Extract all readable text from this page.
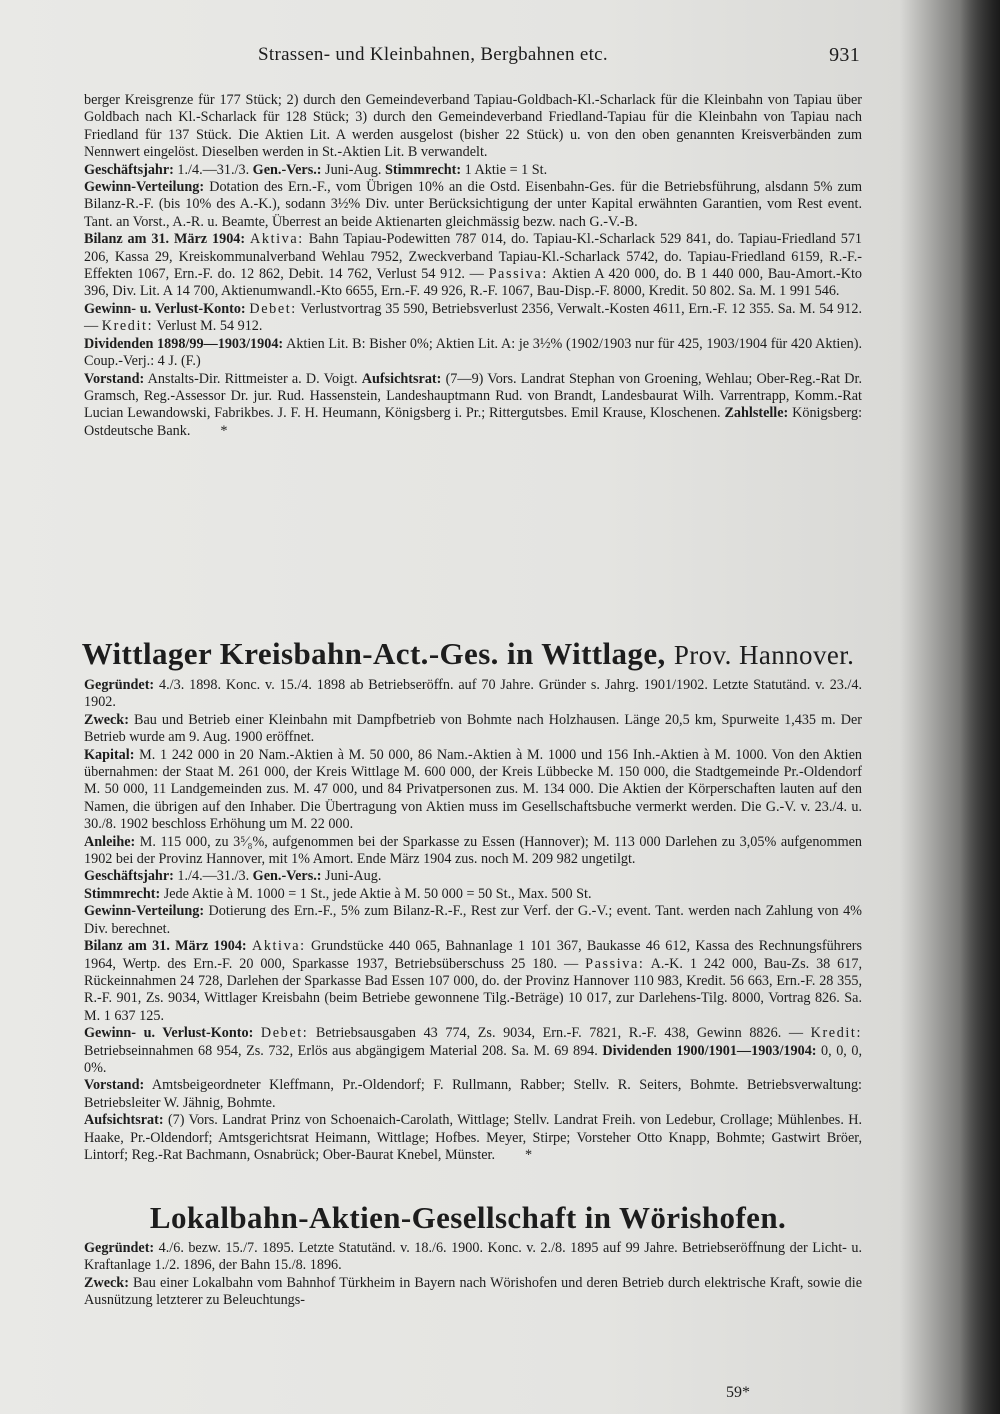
Strassen- und Kleinbahnen, Bergbahnen etc.	931

berger Kreisgrenze für 177 Stück; 2) durch den Gemeindeverband Tapiau-Goldbach-Kl.-Scharlack für die Kleinbahn von Tapiau über Goldbach nach Kl.-Scharlack für 128 Stück; 3) durch den Gemeindeverband Friedland-Tapiau für die Kleinbahn von Tapiau nach Friedland für 137 Stück. Die Aktien Lit. A werden ausgelost (bisher 22 Stück) u. von den oben genannten Kreisverbänden zum Nennwert eingelöst. Dieselben werden in St.-Aktien Lit. B verwandelt.

Geschäftsjahr: 1./4.—31./3. Gen.-Vers.: Juni-Aug. Stimmrecht: 1 Aktie = 1 St.

Gewinn-Verteilung: Dotation des Ern.-F., vom Übrigen 10% an die Ostd. Eisenbahn-Ges. für die Betriebsführung, alsdann 5% zum Bilanz-R.-F. (bis 10% des A.-K.), sodann 3½% Div. unter Berücksichtigung der unter Kapital erwähnten Garantien, vom Rest event. Tant. an Vorst., A.-R. u. Beamte, Überrest an beide Aktienarten gleichmässig bezw. nach G.-V.-B.

Bilanz am 31. März 1904: Aktiva: Bahn Tapiau-Podewitten 787 014, do. Tapiau-Kl.-Scharlack 529 841, do. Tapiau-Friedland 571 206, Kassa 29, Kreiskommunalverband Wehlau 7952, Zweckverband Tapiau-Kl.-Scharlack 5742, do. Tapiau-Friedland 6159, R.-F.-Effekten 1067, Ern.-F. do. 12 862, Debit. 14 762, Verlust 54 912. — Passiva: Aktien A 420 000, do. B 1 440 000, Bau-Amort.-Kto 396, Div. Lit. A 14 700, Aktienumwandl.-Kto 6655, Ern.-F. 49 926, R.-F. 1067, Bau-Disp.-F. 8000, Kredit. 50 802. Sa. M. 1 991 546.

Gewinn- u. Verlust-Konto: Debet: Verlustvortrag 35 590, Betriebsverlust 2356, Verwalt.-Kosten 4611, Ern.-F. 12 355. Sa. M. 54 912. — Kredit: Verlust M. 54 912.

Dividenden 1898/99—1903/1904: Aktien Lit. B: Bisher 0%; Aktien Lit. A: je 3½% (1902/1903 nur für 425, 1903/1904 für 420 Aktien). Coup.-Verj.: 4 J. (F.)

Vorstand: Anstalts-Dir. Rittmeister a. D. Voigt. Aufsichtsrat: (7—9) Vors. Landrat Stephan von Groening, Wehlau; Ober-Reg.-Rat Dr. Gramsch, Reg.-Assessor Dr. jur. Rud. Hassenstein, Landeshauptmann Rud. von Brandt, Landesbaurat Wilh. Varrentrapp, Komm.-Rat Lucian Lewandowski, Fabrikbes. J. F. H. Heumann, Königsberg i. Pr.; Rittergutsbes. Emil Krause, Kloschenen. Zahlstelle: Königsberg: Ostdeutsche Bank. *

Wittlager Kreisbahn-Act.-Ges. in Wittlage, Prov. Hannover.

Gegründet: 4./3. 1898. Konc. v. 15./4. 1898 ab Betriebseröffn. auf 70 Jahre. Gründer s. Jahrg. 1901/1902. Letzte Statutänd. v. 23./4. 1902.

Zweck: Bau und Betrieb einer Kleinbahn mit Dampfbetrieb von Bohmte nach Holzhausen. Länge 20,5 km, Spurweite 1,435 m. Der Betrieb wurde am 9. Aug. 1900 eröffnet.

Kapital: M. 1 242 000 in 20 Nam.-Aktien à M. 50 000, 86 Nam.-Aktien à M. 1000 und 156 Inh.-Aktien à M. 1000. Von den Aktien übernahmen: der Staat M. 261 000, der Kreis Wittlage M. 600 000, der Kreis Lübbecke M. 150 000, die Stadtgemeinde Pr.-Oldendorf M. 50 000, 11 Landgemeinden zus. M. 47 000, und 84 Privatpersonen zus. M. 134 000. Die Aktien der Körperschaften lauten auf den Namen, die übrigen auf den Inhaber. Die Übertragung von Aktien muss im Gesellschaftsbuche vermerkt werden. Die G.-V. v. 23./4. u. 30./8. 1902 beschloss Erhöhung um M. 22 000.

Anleihe: M. 115 000, zu 3⁵⁄₈%, aufgenommen bei der Sparkasse zu Essen (Hannover); M. 113 000 Darlehen zu 3,05% aufgenommen 1902 bei der Provinz Hannover, mit 1% Amort. Ende März 1904 zus. noch M. 209 982 ungetilgt.

Geschäftsjahr: 1./4.—31./3. Gen.-Vers.: Juni-Aug.

Stimmrecht: Jede Aktie à M. 1000 = 1 St., jede Aktie à M. 50 000 = 50 St., Max. 500 St.

Gewinn-Verteilung: Dotierung des Ern.-F., 5% zum Bilanz-R.-F., Rest zur Verf. der G.-V.; event. Tant. werden nach Zahlung von 4% Div. berechnet.

Bilanz am 31. März 1904: Aktiva: Grundstücke 440 065, Bahnanlage 1 101 367, Baukasse 46 612, Kassa des Rechnungsführers 1964, Wertp. des Ern.-F. 20 000, Sparkasse 1937, Betriebsüberschuss 25 180. — Passiva: A.-K. 1 242 000, Bau-Zs. 38 617, Rückeinnahmen 24 728, Darlehen der Sparkasse Bad Essen 107 000, do. der Provinz Hannover 110 983, Kredit. 56 663, Ern.-F. 28 355, R.-F. 901, Zs. 9034, Wittlager Kreisbahn (beim Betriebe gewonnene Tilg.-Beträge) 10 017, zur Darlehens-Tilg. 8000, Vortrag 826. Sa. M. 1 637 125.

Gewinn- u. Verlust-Konto: Debet: Betriebsausgaben 43 774, Zs. 9034, Ern.-F. 7821, R.-F. 438, Gewinn 8826. — Kredit: Betriebseinnahmen 68 954, Zs. 732, Erlös aus abgängigem Material 208. Sa. M. 69 894. Dividenden 1900/1901—1903/1904: 0, 0, 0, 0%.

Vorstand: Amtsbeigeordneter Kleffmann, Pr.-Oldendorf; F. Rullmann, Rabber; Stellv. R. Seiters, Bohmte. Betriebsverwaltung: Betriebsleiter W. Jähnig, Bohmte.

Aufsichtsrat: (7) Vors. Landrat Prinz von Schoenaich-Carolath, Wittlage; Stellv. Landrat Freih. von Ledebur, Crollage; Mühlenbes. H. Haake, Pr.-Oldendorf; Amtsgerichtsrat Heimann, Wittlage; Hofbes. Meyer, Stirpe; Vorsteher Otto Knapp, Bohmte; Gastwirt Bröer, Lintorf; Reg.-Rat Bachmann, Osnabrück; Ober-Baurat Knebel, Münster. *

Lokalbahn-Aktien-Gesellschaft in Wörishofen.

Gegründet: 4./6. bezw. 15./7. 1895. Letzte Statutänd. v. 18./6. 1900. Konc. v. 2./8. 1895 auf 99 Jahre. Betriebseröffnung der Licht- u. Kraftanlage 1./2. 1896, der Bahn 15./8. 1896.

Zweck: Bau einer Lokalbahn vom Bahnhof Türkheim in Bayern nach Wörishofen und deren Betrieb durch elektrische Kraft, sowie die Ausnützung letzterer zu Beleuchtungs-

59*
